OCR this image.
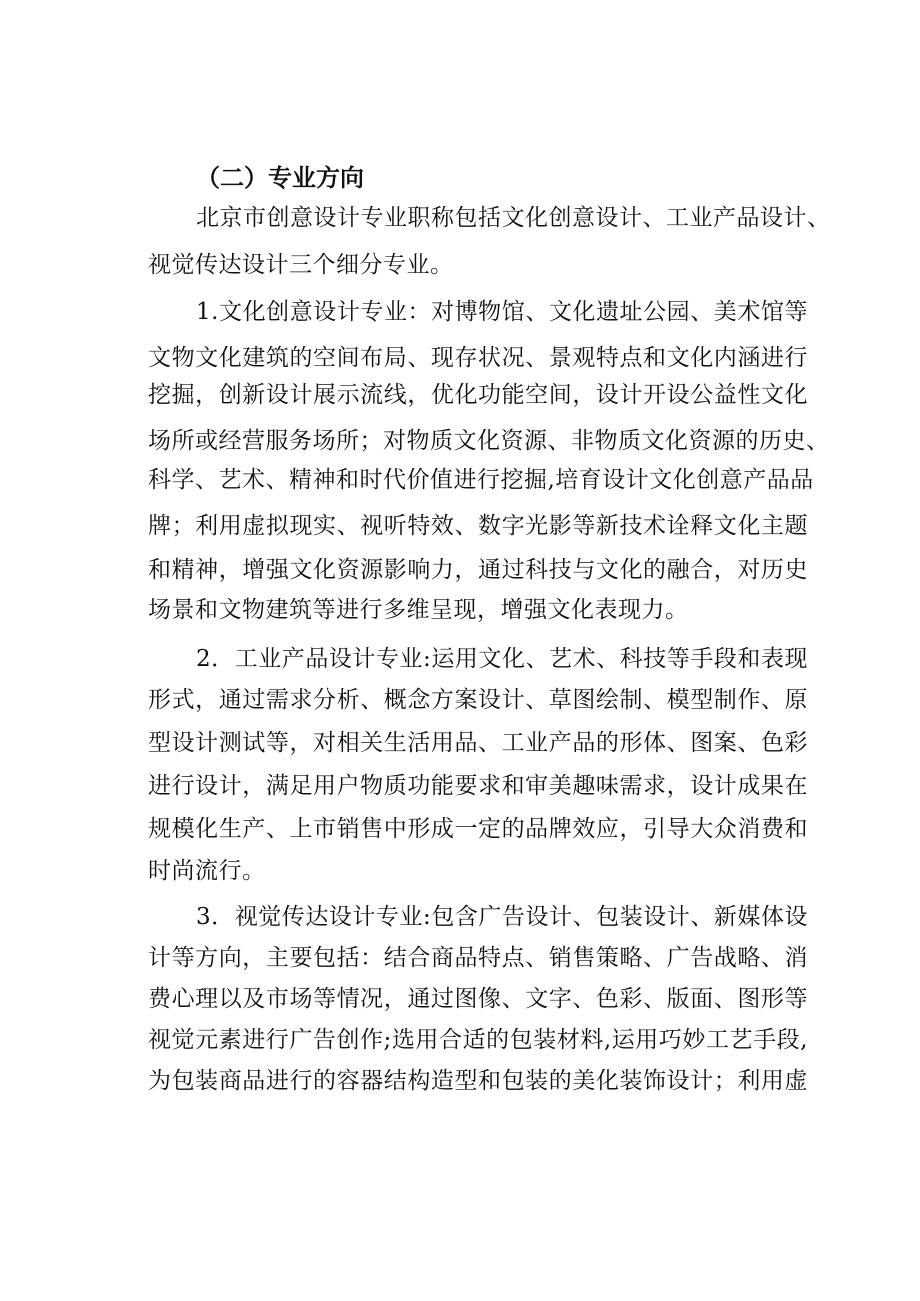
（二）专业方向
北京市创意设计专业职称包括文化创意设计、工业产品设计、
视觉传达设计三个细分专业。
1.文化创意设计专业：对博物馆、文化遗址公园、美术馆等
文物文化建筑的空间布局、现存状况、景观特点和文化内涵进行
挖掘，创新设计展示流线，优化功能空间，设计开设公益性文化
场所或经营服务场所；对物质文化资源、非物质文化资源的历史、
科学、艺术、精神和时代价值进行挖掘,培育设计文化创意产品品
牌；利用虚拟现实、视听特效、数字光影等新技术诠释文化主题
和精神，增强文化资源影响力，通过科技与文化的融合，对历史
场景和文物建筑等进行多维呈现，增强文化表现力。
2．工业产品设计专业:运用文化、艺术、科技等手段和表现
形式，通过需求分析、概念方案设计、草图绘制、模型制作、原
型设计测试等，对相关生活用品、工业产品的形体、图案、色彩
进行设计，满足用户物质功能要求和审美趣味需求，设计成果在
规模化生产、上市销售中形成一定的品牌效应，引导大众消费和
时尚流行。
3．视觉传达设计专业:包含广告设计、包装设计、新媒体设
计等方向，主要包括：结合商品特点、销售策略、广告战略、消
费心理以及市场等情况，通过图像、文字、色彩、版面、图形等
视觉元素进行广告创作;选用合适的包装材料,运用巧妙工艺手段,
为包装商品进行的容器结构造型和包装的美化装饰设计；利用虚
